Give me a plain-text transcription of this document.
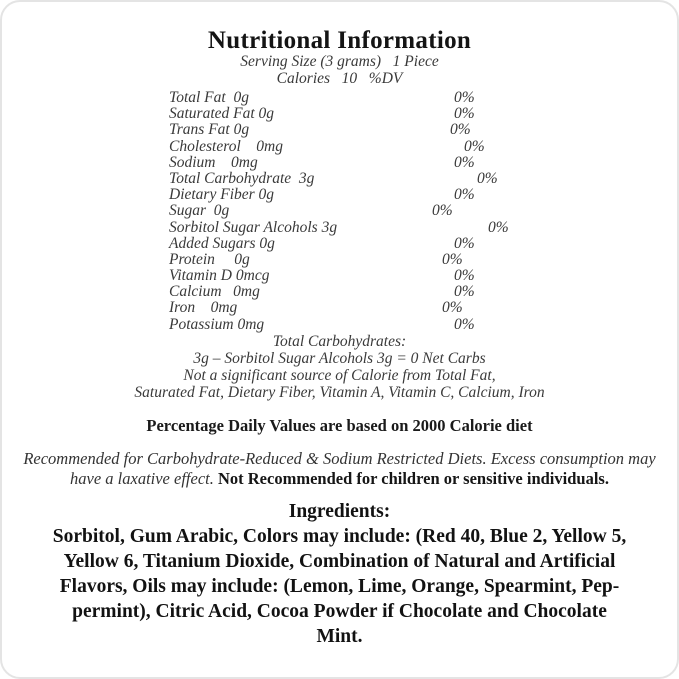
Nutritional Information
Serving Size (3 grams)   1 Piece
Calories   10   %DV
Total Fat  0g	0%
Saturated Fat 0g	0%
Trans Fat 0g	0%
Cholesterol    0mg	0%
Sodium    0mg	0%
Total Carbohydrate  3g	0%
Dietary Fiber 0g	0%
Sugar  0g	0%
Sorbitol Sugar Alcohols 3g	0%
Added Sugars 0g	0%
Protein     0g	0%
Vitamin D 0mcg	0%
Calcium   0mg	0%
Iron    0mg	0%
Potassium 0mg	0%
Total Carbohydrates:
3g – Sorbitol Sugar Alcohols 3g = 0 Net Carbs
Not a significant source of Calorie from Total Fat,
Saturated Fat, Dietary Fiber, Vitamin A, Vitamin C, Calcium, Iron
Percentage Daily Values are based on 2000 Calorie diet
Recommended for Carbohydrate-Reduced & Sodium Restricted Diets. Excess consumption may have a laxative effect. Not Recommended for children or sensitive individuals.
Ingredients:
Sorbitol, Gum Arabic, Colors may include: (Red 40, Blue 2, Yellow 5,
Yellow 6, Titanium Dioxide, Combination of Natural and Artificial
Flavors, Oils may include: (Lemon, Lime, Orange, Spearmint, Pep-
permint), Citric Acid, Cocoa Powder if Chocolate and Chocolate
Mint.
